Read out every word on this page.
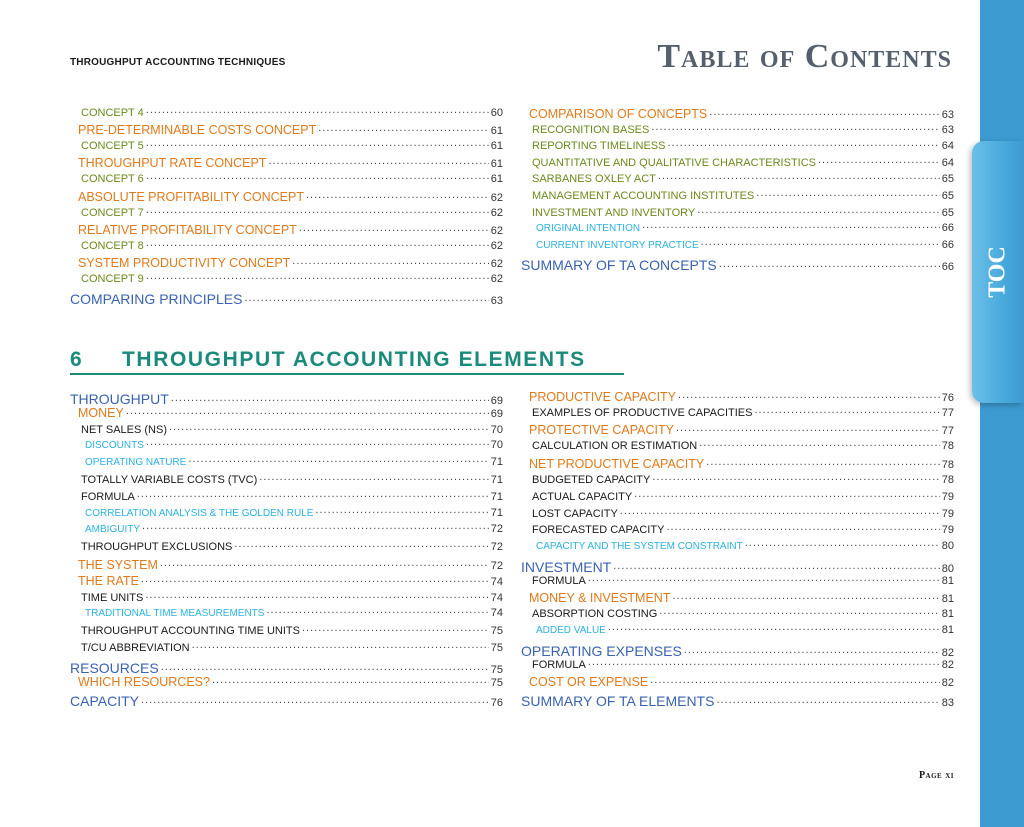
THROUGHPUT ACCOUNTING TECHNIQUES	Table of Contents
TOC
CONCEPT 4 .....	60
PRE-DETERMINABLE COSTS CONCEPT .....	61
CONCEPT 5 .....	61
THROUGHPUT RATE CONCEPT .....	61
CONCEPT 6 .....	61
ABSOLUTE PROFITABILITY CONCEPT .....	62
CONCEPT 7 .....	62
RELATIVE PROFITABILITY CONCEPT .....	62
CONCEPT 8 .....	62
SYSTEM PRODUCTIVITY CONCEPT .....	62
CONCEPT 9 .....	62
COMPARING PRINCIPLES .....	63
COMPARISON OF CONCEPTS .....	63
RECOGNITION BASES .....	63
REPORTING TIMELINESS .....	64
QUANTITATIVE AND QUALITATIVE CHARACTERISTICS .....	64
SARBANES OXLEY ACT .....	65
MANAGEMENT ACCOUNTING INSTITUTES .....	65
INVESTMENT AND INVENTORY .....	65
ORIGINAL INTENTION .....	66
CURRENT INVENTORY PRACTICE .....	66
SUMMARY OF TA CONCEPTS .....	66
6 THROUGHPUT ACCOUNTING ELEMENTS
THROUGHPUT .....	69
MONEY .....	69
NET SALES (NS) .....	70
DISCOUNTS .....	70
OPERATING NATURE .....	71
TOTALLY VARIABLE COSTS (TVC) .....	71
FORMULA .....	71
CORRELATION ANALYSIS & THE GOLDEN RULE .....	71
AMBIGUITY .....	72
THROUGHPUT EXCLUSIONS .....	72
THE SYSTEM .....	72
THE RATE .....	74
TIME UNITS .....	74
TRADITIONAL TIME MEASUREMENTS .....	74
THROUGHPUT ACCOUNTING TIME UNITS .....	75
T/CU ABBREVIATION .....	75
RESOURCES .....	75
WHICH RESOURCES? .....	75
CAPACITY .....	76
PRODUCTIVE CAPACITY .....	76
EXAMPLES OF PRODUCTIVE CAPACITIES .....	77
PROTECTIVE CAPACITY .....	77
CALCULATION OR ESTIMATION .....	78
NET PRODUCTIVE CAPACITY .....	78
BUDGETED CAPACITY .....	78
ACTUAL CAPACITY .....	79
LOST CAPACITY .....	79
FORECASTED CAPACITY .....	79
CAPACITY AND THE SYSTEM CONSTRAINT .....	80
INVESTMENT .....	80
FORMULA .....	81
MONEY & INVESTMENT .....	81
ABSORPTION COSTING .....	81
ADDED VALUE .....	81
OPERATING EXPENSES .....	82
FORMULA .....	82
COST OR EXPENSE .....	82
SUMMARY OF TA ELEMENTS .....	83
Page xi
